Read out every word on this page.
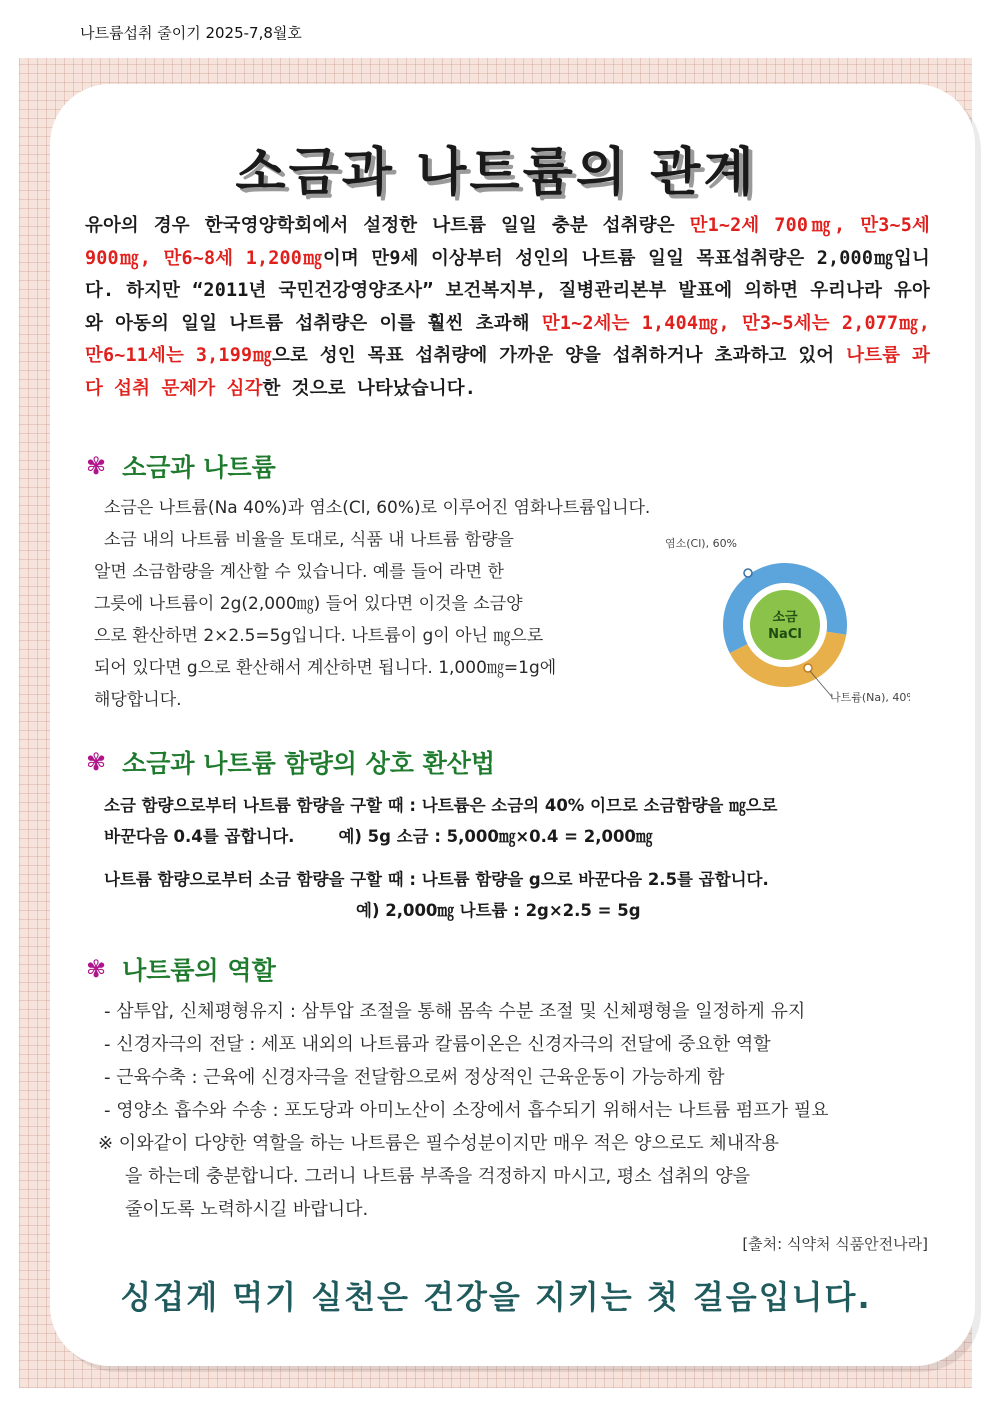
나트륨섭취 줄이기 2025-7,8월호
소금과 나트륨의 관계
유아의 경우 한국영양학회에서 설정한 나트륨 일일 충분 섭취량은 만1~2세 700㎎, 만3~5세 900㎎, 만6~8세 1,200㎎이며 만9세 이상부터 성인의 나트륨 일일 목표섭취량은 2,000㎎입니다. 하지만 “2011년 국민건강영양조사” 보건복지부, 질병관리본부 발표에 의하면 우리나라 유아와 아동의 일일 나트륨 섭취량은 이를 훨씬 초과해 만1~2세는 1,404㎎, 만3~5세는 2,077㎎, 만6~11세는 3,199㎎으로 성인 목표 섭취량에 가까운 양을 섭취하거나 초과하고 있어 나트륨 과다 섭취 문제가 심각한 것으로 나타났습니다.
✾ 소금과 나트륨
소금은 나트륨(Na 40%)과 염소(Cl, 60%)로 이루어진 염화나트륨입니다.
소금 내의 나트륨 비율을 토대로, 식품 내 나트륨 함량을
알면 소금함량을 계산할 수 있습니다. 예를 들어 라면 한
그릇에 나트륨이 2g(2,000㎎) 들어 있다면 이것을 소금양
으로 환산하면 2×2.5=5g입니다. 나트륨이 g이 아닌 ㎎으로
되어 있다면 g으로 환산해서 계산하면 됩니다. 1,000㎎=1g에
해당합니다.
소금
NaCl
염소(Cl), 60%
나트륨(Na), 40%
✾ 소금과 나트륨 함량의 상호 환산법
소금 함량으로부터 나트륨 함량을 구할 때 : 나트륨은 소금의 40% 이므로 소금함량을 ㎎으로
바꾼다음 0.4를 곱합니다.	예) 5g 소금 : 5,000㎎×0.4 = 2,000㎎
나트륨 함량으로부터 소금 함량을 구할 때 : 나트륨 함량을 g으로 바꾼다음 2.5를 곱합니다.
예) 2,000㎎ 나트륨 : 2g×2.5 = 5g
✾ 나트륨의 역할
- 삼투압, 신체평형유지 : 삼투압 조절을 통해 몸속 수분 조절 및 신체평형을 일정하게 유지
- 신경자극의 전달 : 세포 내외의 나트륨과 칼륨이온은 신경자극의 전달에 중요한 역할
- 근육수축 : 근육에 신경자극을 전달함으로써 정상적인 근육운동이 가능하게 함
- 영양소 흡수와 수송 : 포도당과 아미노산이 소장에서 흡수되기 위해서는 나트륨 펌프가 필요
※ 이와같이 다양한 역할을 하는 나트륨은 필수성분이지만 매우 적은 양으로도 체내작용
을 하는데 충분합니다. 그러니 나트륨 부족을 걱정하지 마시고, 평소 섭취의 양을
줄이도록 노력하시길 바랍니다.
[출처: 식약처 식품안전나라]
싱겁게 먹기 실천은 건강을 지키는 첫 걸음입니다.
